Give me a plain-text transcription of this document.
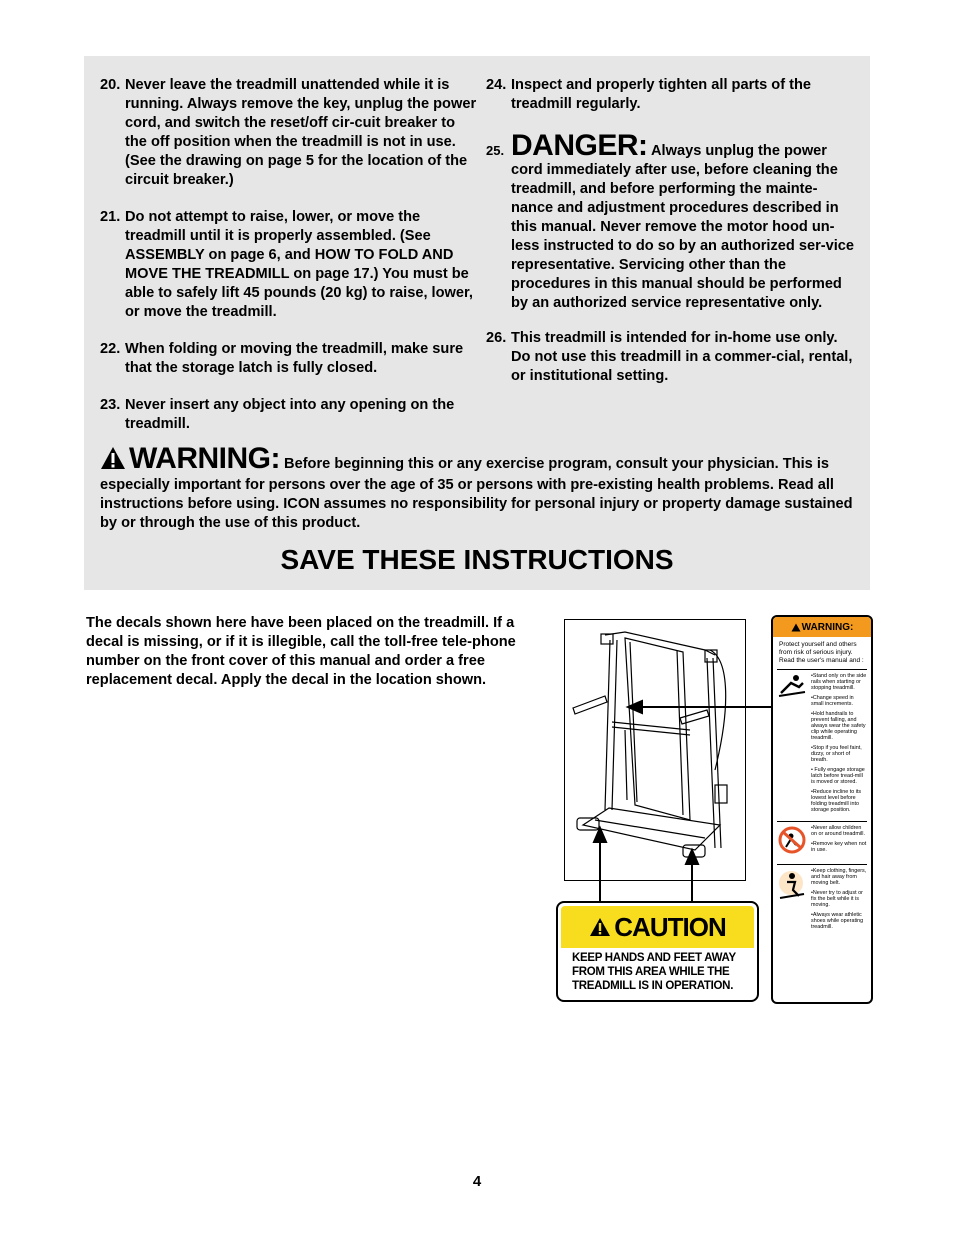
20. Never leave the treadmill unattended while it is running. Always remove the key, unplug the power cord, and switch the reset/off cir-cuit breaker to the off position when the treadmill is not in use. (See the drawing on page 5 for the location of the circuit breaker.)
21. Do not attempt to raise, lower, or move the treadmill until it is properly assembled. (See ASSEMBLY on page 6, and HOW TO FOLD AND MOVE THE TREADMILL on page 17.) You must be able to safely lift 45 pounds (20 kg) to raise, lower, or move the treadmill.
22. When folding or moving the treadmill, make sure that the storage latch is fully closed.
23. Never insert any object into any opening on the treadmill.
24. Inspect and properly tighten all parts of the treadmill regularly.
25. DANGER: Always unplug the power cord immediately after use, before cleaning the treadmill, and before performing the mainte-nance and adjustment procedures described in this manual. Never remove the motor hood un-less instructed to do so by an authorized ser-vice representative. Servicing other than the procedures in this manual should be performed by an authorized service representative only.
26. This treadmill is intended for in-home use only. Do not use this treadmill in a commer-cial, rental, or institutional setting.
WARNING: Before beginning this or any exercise program, consult your physician. This is especially important for persons over the age of 35 or persons with pre-existing health problems. Read all instructions before using. ICON assumes no responsibility for personal injury or property damage sustained by or through the use of this product.
SAVE THESE INSTRUCTIONS
The decals shown here have been placed on the treadmill. If a decal is missing, or if it is illegible, call the toll-free tele-phone number on the front cover of this manual and order a free replacement decal. Apply the decal in the location shown.
CAUTION
KEEP HANDS AND FEET AWAY
FROM THIS AREA WHILE THE
TREADMILL IS IN OPERATION.
WARNING:
Protect yourself and others from risk of serious injury. Read the user's manual and :
•Stand only on the side rails when starting or stopping treadmill.
•Change speed in small increments.
•Hold handrails to prevent falling, and always wear the safety clip while operating treadmill.
•Stop if you feel faint, dizzy, or short of breath.
• Fully engage storage latch before tread-mill is moved or stored.
•Reduce incline to its lowest level before folding treadmill into storage position.
•Never allow children on or around treadmill.
•Remove key when not in use.
•Keep clothing, fingers, and hair away from moving belt.
•Never try to adjust or fix the belt while it is moving.
•Always wear athletic shoes while operating treadmill.
4
